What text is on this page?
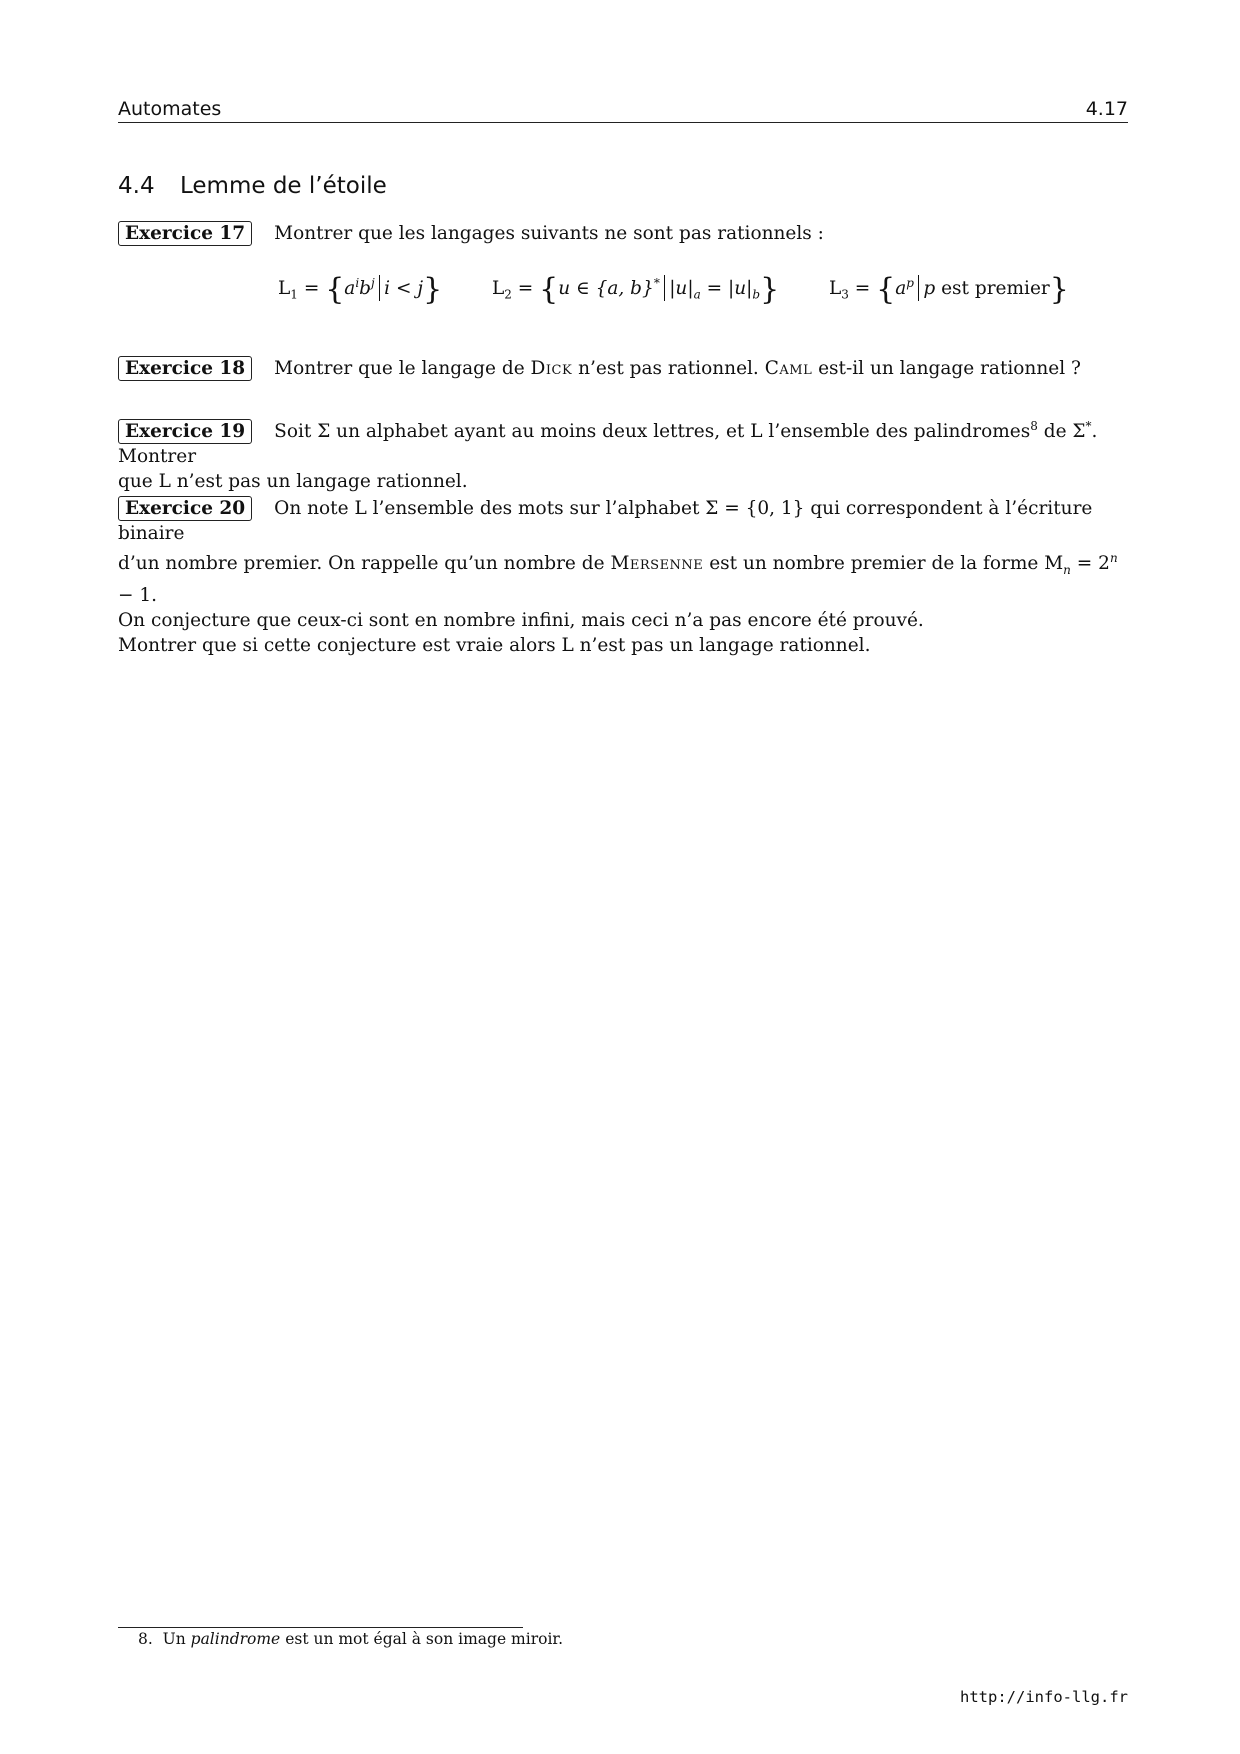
Automates	4.17
4.4 Lemme de l’étoile
Exercice 17 Montrer que les langages suivants ne sont pas rationnels :
$L_1 = \{a^ib^j$ i < j}	$L_2 = \{u$ ∈ {a, b}* $|u|_a = |u|_b$}	$L_3 = \{a^p$ p est premier}
Exercice 18 Montrer que le langage de Dick n’est pas rationnel. Caml est-il un langage rationnel ?
Exercice 19 Soit Σ un alphabet ayant au moins deux lettres, et L l’ensemble des palindromes$^8$ de Σ*. Montrer
que L n’est pas un langage rationnel.
Exercice 20 On note L l’ensemble des mots sur l’alphabet Σ = {0, 1} qui correspondent à l’écriture binaire
d’un nombre premier. On rappelle qu’un nombre de Mersenne est un nombre premier de la forme $M_n = 2^n - 1$.
On conjecture que ceux-ci sont en nombre infini, mais ceci n’a pas encore été prouvé.
Montrer que si cette conjecture est vraie alors L n’est pas un langage rationnel.
8. Un palindrome est un mot égal à son image miroir.
http://info-llg.fr
